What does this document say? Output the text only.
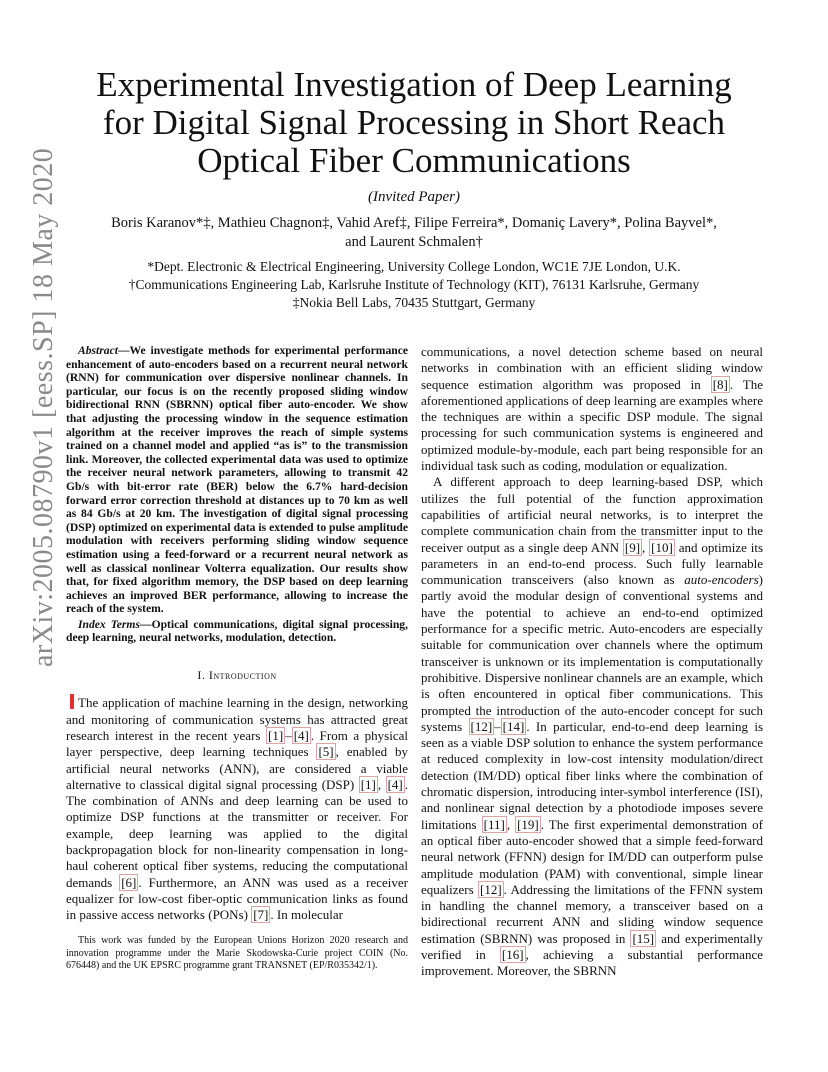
arXiv:2005.08790v1 [eess.SP] 18 May 2020
Experimental Investigation of Deep Learning for Digital Signal Processing in Short Reach Optical Fiber Communications
(Invited Paper)
Boris Karanov*‡, Mathieu Chagnon‡, Vahid Aref‡, Filipe Ferreira*, Domaniç Lavery*, Polina Bayvel*,
and Laurent Schmalen†
*Dept. Electronic & Electrical Engineering, University College London, WC1E 7JE London, U.K.
†Communications Engineering Lab, Karlsruhe Institute of Technology (KIT), 76131 Karlsruhe, Germany
‡Nokia Bell Labs, 70435 Stuttgart, Germany

Abstract—We investigate methods for experimental performance enhancement of auto-encoders based on a recurrent neural network (RNN) for communication over dispersive nonlinear channels. In particular, our focus is on the recently proposed sliding window bidirectional RNN (SBRNN) optical fiber auto-encoder. We show that adjusting the processing window in the sequence estimation algorithm at the receiver improves the reach of simple systems trained on a channel model and applied “as is” to the transmission link. Moreover, the collected experimental data was used to optimize the receiver neural network parameters, allowing to transmit 42 Gb/s with bit-error rate (BER) below the 6.7% hard-decision forward error correction threshold at distances up to 70 km as well as 84 Gb/s at 20 km. The investigation of digital signal processing (DSP) optimized on experimental data is extended to pulse amplitude modulation with receivers performing sliding window sequence estimation using a feed-forward or a recurrent neural network as well as classical nonlinear Volterra equalization. Our results show that, for fixed algorithm memory, the DSP based on deep learning achieves an improved BER performance, allowing to increase the reach of the system.

Index Terms—Optical communications, digital signal processing, deep learning, neural networks, modulation, detection.

I. Introduction

The application of machine learning in the design, networking and monitoring of communication systems has attracted great research interest in the recent years [1] – [4] . From a physical layer perspective, deep learning techniques [5] , enabled by artificial neural networks (ANN), are considered a viable alternative to classical digital signal processing (DSP) [1] , [4] . The combination of ANNs and deep learning can be used to optimize DSP functions at the transmitter or receiver. For example, deep learning was applied to the digital backpropagation block for non-linearity compensation in long-haul coherent optical fiber systems, reducing the computational demands [6] . Furthermore, an ANN was used as a receiver equalizer for low-cost fiber-optic communication links as found in passive access networks (PONs) [7] . In molecular

This work was funded by the European Unions Horizon 2020 research and innovation programme under the Marie Skodowska-Curie project COIN (No. 676448) and the UK EPSRC programme grant TRANSNET (EP/R035342/1).

communications, a novel detection scheme based on neural networks in combination with an efficient sliding window sequence estimation algorithm was proposed in [8] . The aforementioned applications of deep learning are examples where the techniques are within a specific DSP module. The signal processing for such communication systems is engineered and optimized module-by-module, each part being responsible for an individual task such as coding, modulation or equalization.

A different approach to deep learning-based DSP, which utilizes the full potential of the function approximation capabilities of artificial neural networks, is to interpret the complete communication chain from the transmitter input to the receiver output as a single deep ANN [9] , [10] and optimize its parameters in an end-to-end process. Such fully learnable communication transceivers (also known as auto-encoders) partly avoid the modular design of conventional systems and have the potential to achieve an end-to-end optimized performance for a specific metric. Auto-encoders are especially suitable for communication over channels where the optimum transceiver is unknown or its implementation is computationally prohibitive. Dispersive nonlinear channels are an example, which is often encountered in optical fiber communications. This prompted the introduction of the auto-encoder concept for such systems [12] – [14] . In particular, end-to-end deep learning is seen as a viable DSP solution to enhance the system performance at reduced complexity in low-cost intensity modulation/direct detection (IM/DD) optical fiber links where the combination of chromatic dispersion, introducing inter-symbol interference (ISI), and nonlinear signal detection by a photodiode imposes severe limitations [11] , [19] . The first experimental demonstration of an optical fiber auto-encoder showed that a simple feed-forward neural network (FFNN) design for IM/DD can outperform pulse amplitude modulation (PAM) with conventional, simple linear equalizers [12] . Addressing the limitations of the FFNN system in handling the channel memory, a transceiver based on a bidirectional recurrent ANN and sliding window sequence estimation (SBRNN) was proposed in [15] and experimentally verified in [16] , achieving a substantial performance improvement. Moreover, the SBRNN
